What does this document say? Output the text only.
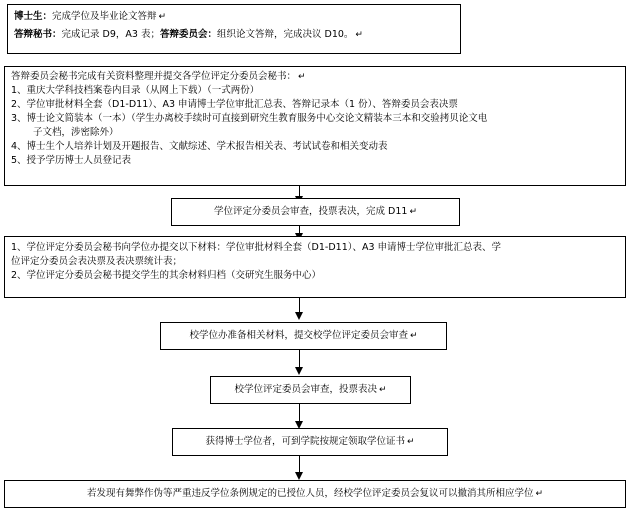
博士生：完成学位及毕业论文答辩 ↵
答辩秘书：完成记录 D9，A3 表；答辩委员会：组织论文答辩，完成决议 D10。 ↵
答辩委员会秘书完成有关资料整理并提交各学位评定分委员会秘书： ↵
1、重庆大学科技档案卷内目录（从网上下载）（一式两份）
2、学位审批材料全套（D1-D11）、A3 申请博士学位审批汇总表、答辩记录本（1 份）、答辩委员会表决票
3、博士论文简装本（一本）（学生办离校手续时可直接到研究生教育服务中心交论文精装本三本和交验拷贝论文电
子文档，涉密除外）
4、博士生个人培养计划及开题报告、文献综述、学术报告相关表、考试试卷和相关变动表
5、授予学历博士人员登记表
学位评定分委员会审查，投票表决，完成 D11 ↵
1、学位评定分委员会秘书向学位办提交以下材料：学位审批材料全套（D1-D11）、A3 申请博士学位审批汇总表、学
位评定分委员会表决票及表决票统计表；
2、学位评定分委员会秘书提交学生的其余材料归档（交研究生服务中心）
校学位办准备相关材料，提交校学位评定委员会审查 ↵
校学位评定委员会审查，投票表决 ↵
获得博士学位者，可到学院按规定领取学位证书 ↵
若发现有舞弊作伪等严重违反学位条例规定的已授位人员，经校学位评定委员会复议可以撤消其所相应学位 ↵
